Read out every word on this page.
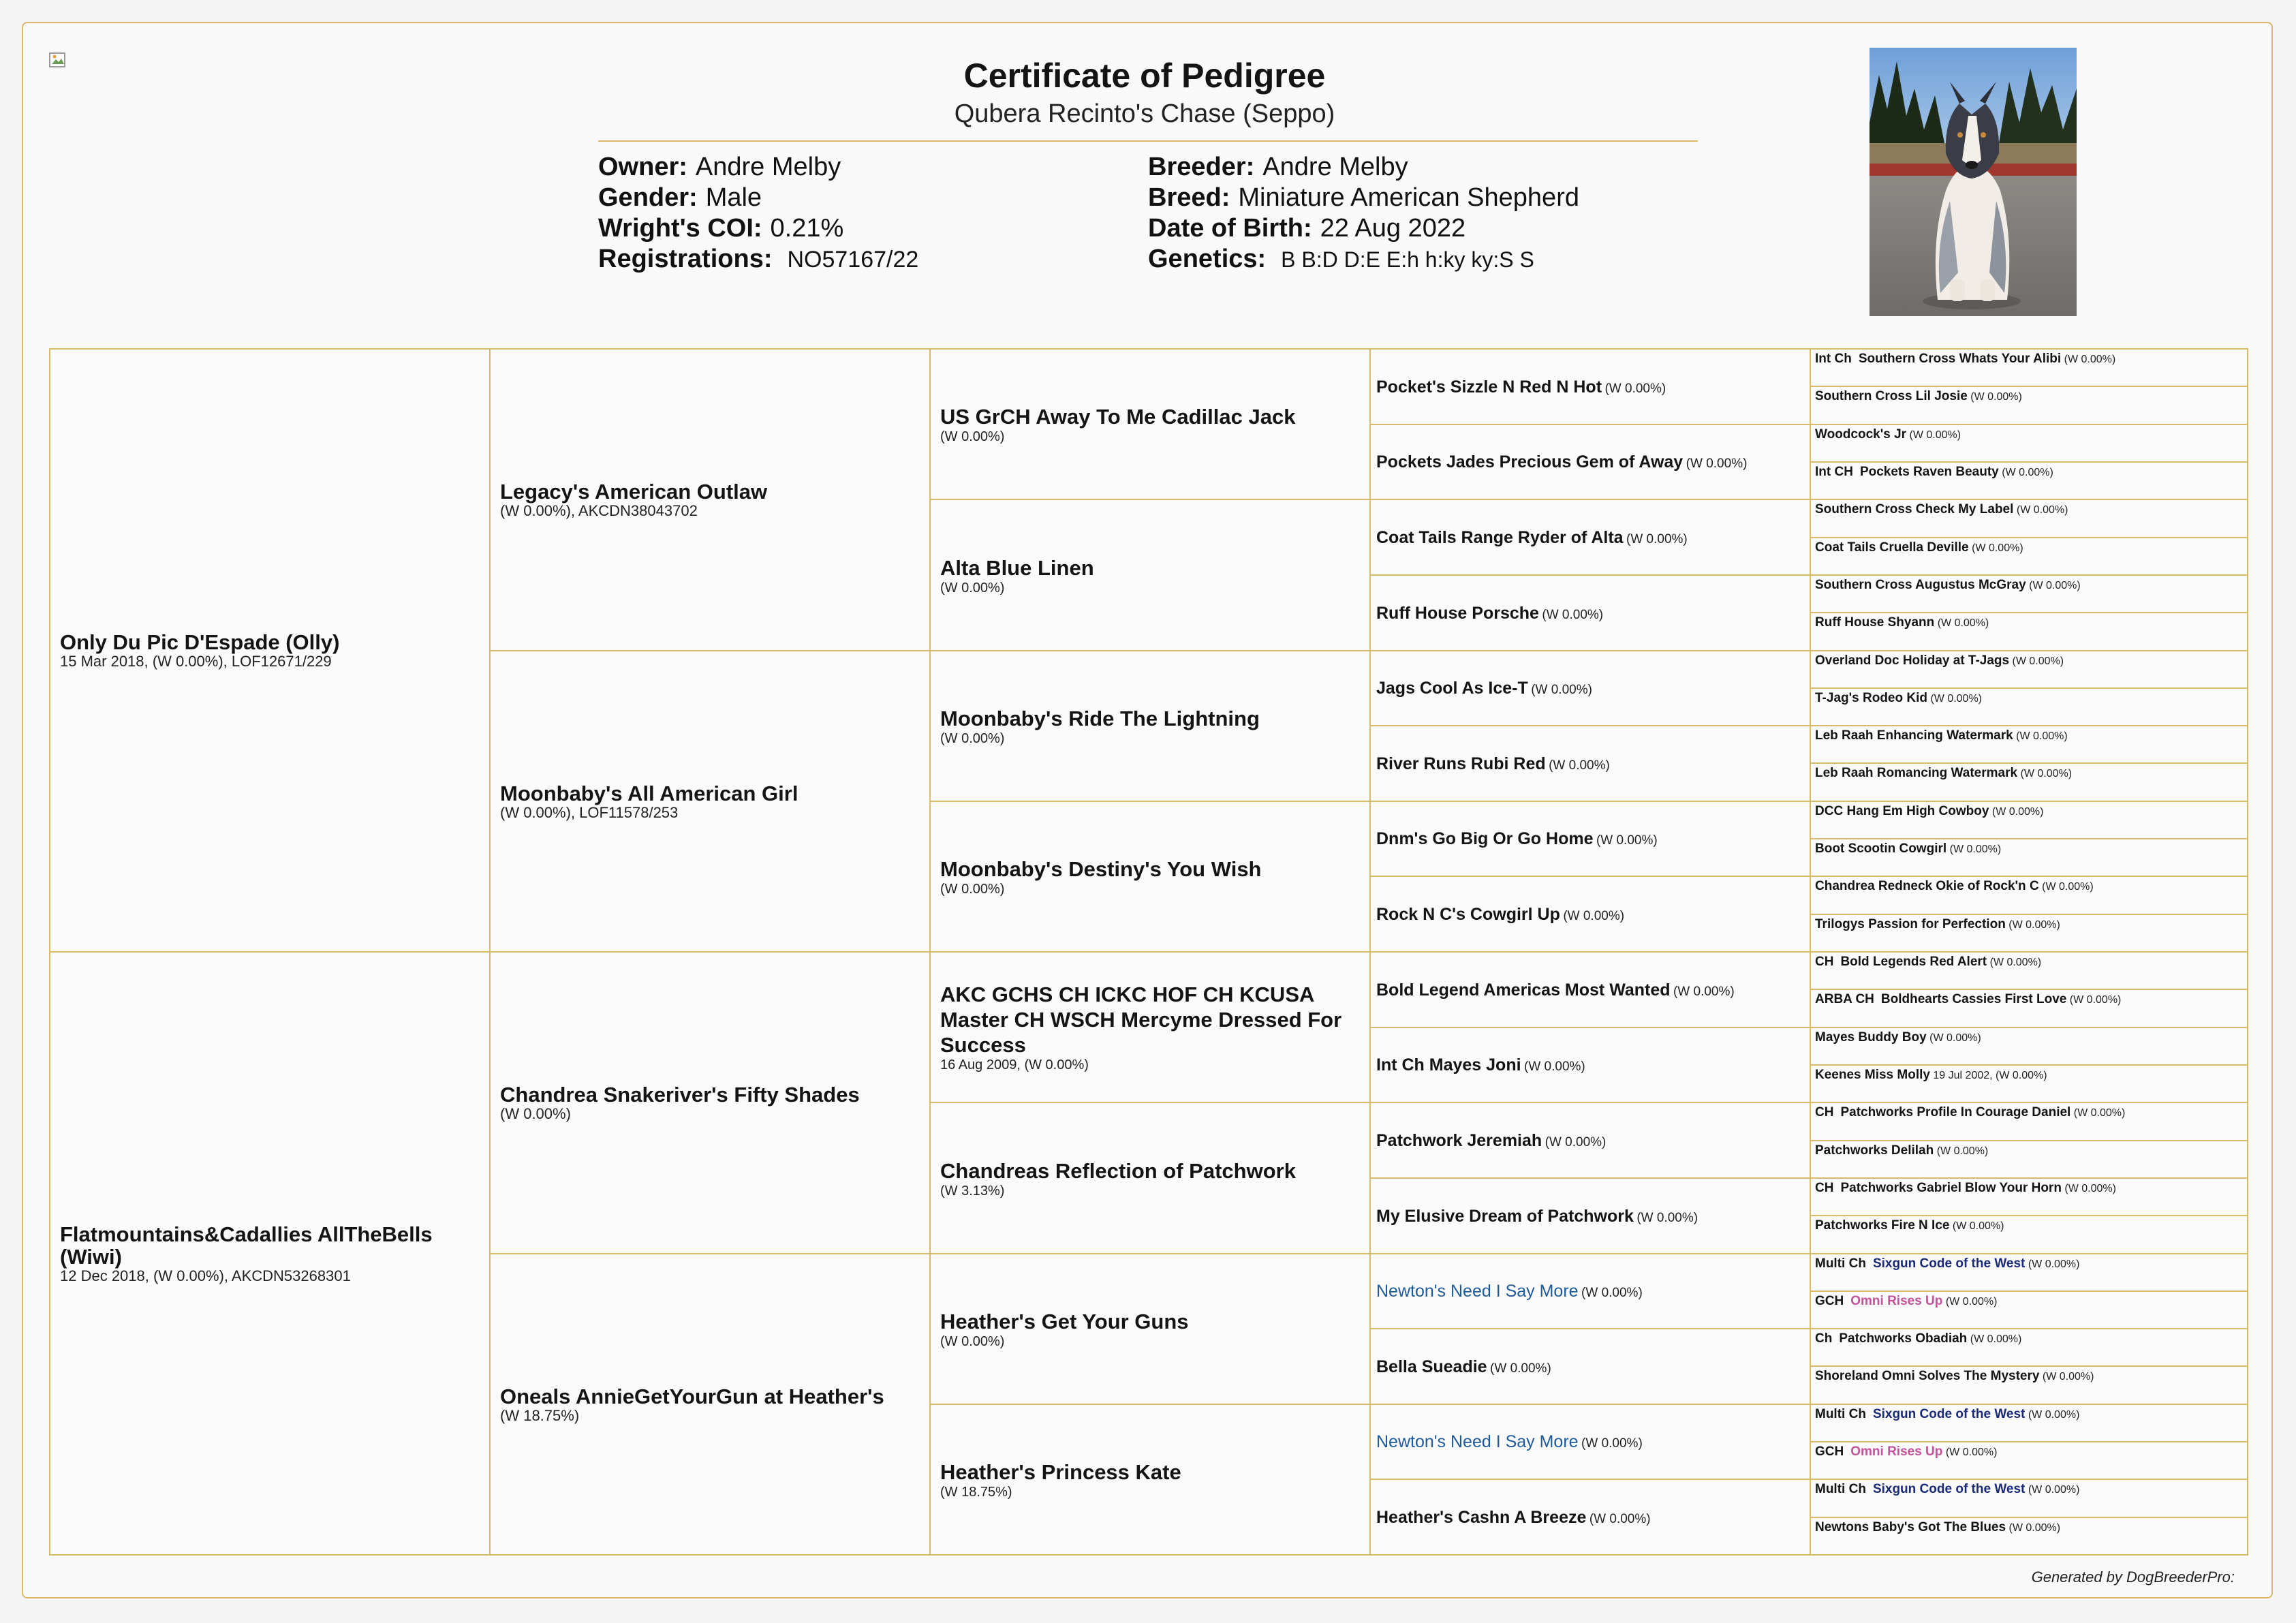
Certificate of Pedigree
Qubera Recinto's Chase (Seppo)
Owner: Andre Melby
Gender: Male
Wright's COI: 0.21%
Registrations: NO57167/22
Breeder: Andre Melby
Breed: Miniature American Shepherd
Date of Birth: 22 Aug 2022
Genetics: B B:D D:E E:h h:ky ky:S S
Only Du Pic D'Espade (Olly)
15 Mar 2018, (W 0.00%), LOF12671/229
Flatmountains&Cadallies AllTheBells (Wiwi)
12 Dec 2018, (W 0.00%), AKCDN53268301
Legacy's American Outlaw
(W 0.00%), AKCDN38043702
Moonbaby's All American Girl
(W 0.00%), LOF11578/253
Chandrea Snakeriver's Fifty Shades
(W 0.00%)
Oneals AnnieGetYourGun at Heather's
(W 18.75%)
US GrCH Away To Me Cadillac Jack
(W 0.00%)
Alta Blue Linen
(W 0.00%)
Moonbaby's Ride The Lightning
(W 0.00%)
Moonbaby's Destiny's You Wish
(W 0.00%)
AKC GCHS CH ICKC HOF CH KCUSA Master CH WSCH Mercyme Dressed For Success
16 Aug 2009, (W 0.00%)
Chandreas Reflection of Patchwork
(W 3.13%)
Heather's Get Your Guns
(W 0.00%)
Heather's Princess Kate
(W 18.75%)
Pocket's Sizzle N Red N Hot (W 0.00%)
Pockets Jades Precious Gem of Away (W 0.00%)
Coat Tails Range Ryder of Alta (W 0.00%)
Ruff House Porsche (W 0.00%)
Jags Cool As Ice-T (W 0.00%)
River Runs Rubi Red (W 0.00%)
Dnm's Go Big Or Go Home (W 0.00%)
Rock N C's Cowgirl Up (W 0.00%)
Bold Legend Americas Most Wanted (W 0.00%)
Int Ch Mayes Joni (W 0.00%)
Patchwork Jeremiah (W 0.00%)
My Elusive Dream of Patchwork (W 0.00%)
Newton's Need I Say More (W 0.00%)
Bella Sueadie (W 0.00%)
Newton's Need I Say More (W 0.00%)
Heather's Cashn A Breeze (W 0.00%)
Int Ch Southern Cross Whats Your Alibi (W 0.00%)
Southern Cross Lil Josie (W 0.00%)
Woodcock's Jr (W 0.00%)
Int CH Pockets Raven Beauty (W 0.00%)
Southern Cross Check My Label (W 0.00%)
Coat Tails Cruella Deville (W 0.00%)
Southern Cross Augustus McGray (W 0.00%)
Ruff House Shyann (W 0.00%)
Overland Doc Holiday at T-Jags (W 0.00%)
T-Jag's Rodeo Kid (W 0.00%)
Leb Raah Enhancing Watermark (W 0.00%)
Leb Raah Romancing Watermark (W 0.00%)
DCC Hang Em High Cowboy (W 0.00%)
Boot Scootin Cowgirl (W 0.00%)
Chandrea Redneck Okie of Rock'n C (W 0.00%)
Trilogys Passion for Perfection (W 0.00%)
CH Bold Legends Red Alert (W 0.00%)
ARBA CH Boldhearts Cassies First Love (W 0.00%)
Mayes Buddy Boy (W 0.00%)
Keenes Miss Molly 19 Jul 2002, (W 0.00%)
CH Patchworks Profile In Courage Daniel (W 0.00%)
Patchworks Delilah (W 0.00%)
CH Patchworks Gabriel Blow Your Horn (W 0.00%)
Patchworks Fire N Ice (W 0.00%)
Multi Ch Sixgun Code of the West (W 0.00%)
GCH Omni Rises Up (W 0.00%)
Ch Patchworks Obadiah (W 0.00%)
Shoreland Omni Solves The Mystery (W 0.00%)
Multi Ch Sixgun Code of the West (W 0.00%)
GCH Omni Rises Up (W 0.00%)
Multi Ch Sixgun Code of the West (W 0.00%)
Newtons Baby's Got The Blues (W 0.00%)
Generated by DogBreederPro:
